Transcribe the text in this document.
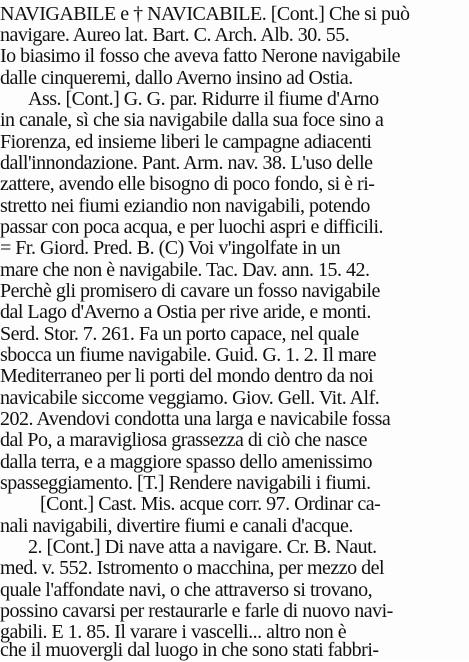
NAVIGABILE e † NAVICABILE. [Cont.] Che si può
navigare. Aureo lat. Bart. C. Arch. Alb. 30. 55.
Io biasimo il fosso che aveva fatto Nerone navigabile
dalle cinqueremi, dallo Averno insino ad Ostia.
Ass. [Cont.] G. G. par. Ridurre il fiume d'Arno
in canale, sì che sia navigabile dalla sua foce sino a
Fiorenza, ed insieme liberi le campagne adiacenti
dall'innondazione. Pant. Arm. nav. 38. L'uso delle
zattere, avendo elle bisogno di poco fondo, si è ri-
stretto nei fiumi eziandio non navigabili, potendo
passar con poca acqua, e per luochi aspri e difficili.
= Fr. Giord. Pred. B. (C) Voi v'ingolfate in un
mare che non è navigabile. Tac. Dav. ann. 15. 42.
Perchè gli promisero di cavare un fosso navigabile
dal Lago d'Averno a Ostia per rive aride, e monti.
Serd. Stor. 7. 261. Fa un porto capace, nel quale
sbocca un fiume navigabile. Guid. G. 1. 2. Il mare
Mediterraneo per li porti del mondo dentro da noi
navicabile siccome veggiamo. Giov. Gell. Vit. Alf.
202. Avendovi condotta una larga e navicabile fossa
dal Po, a maravigliosa grassezza di ciò che nasce
dalla terra, e a maggiore spasso dello amenissimo
spasseggiamento. [T.] Rendere navigabili i fiumi.
[Cont.] Cast. Mis. acque corr. 97. Ordinar ca-
nali navigabili, divertire fiumi e canali d'acque.
2. [Cont.] Di nave atta a navigare. Cr. B. Naut.
med. v. 552. Istromento o macchina, per mezzo del
quale l'affondate navi, o che attraverso si trovano,
possino cavarsi per restaurarle e farle di nuovo navi-
gabili. E 1. 85. Il varare i vascelli... altro non è
che il muovergli dal luogo in che sono stati fabbri-
